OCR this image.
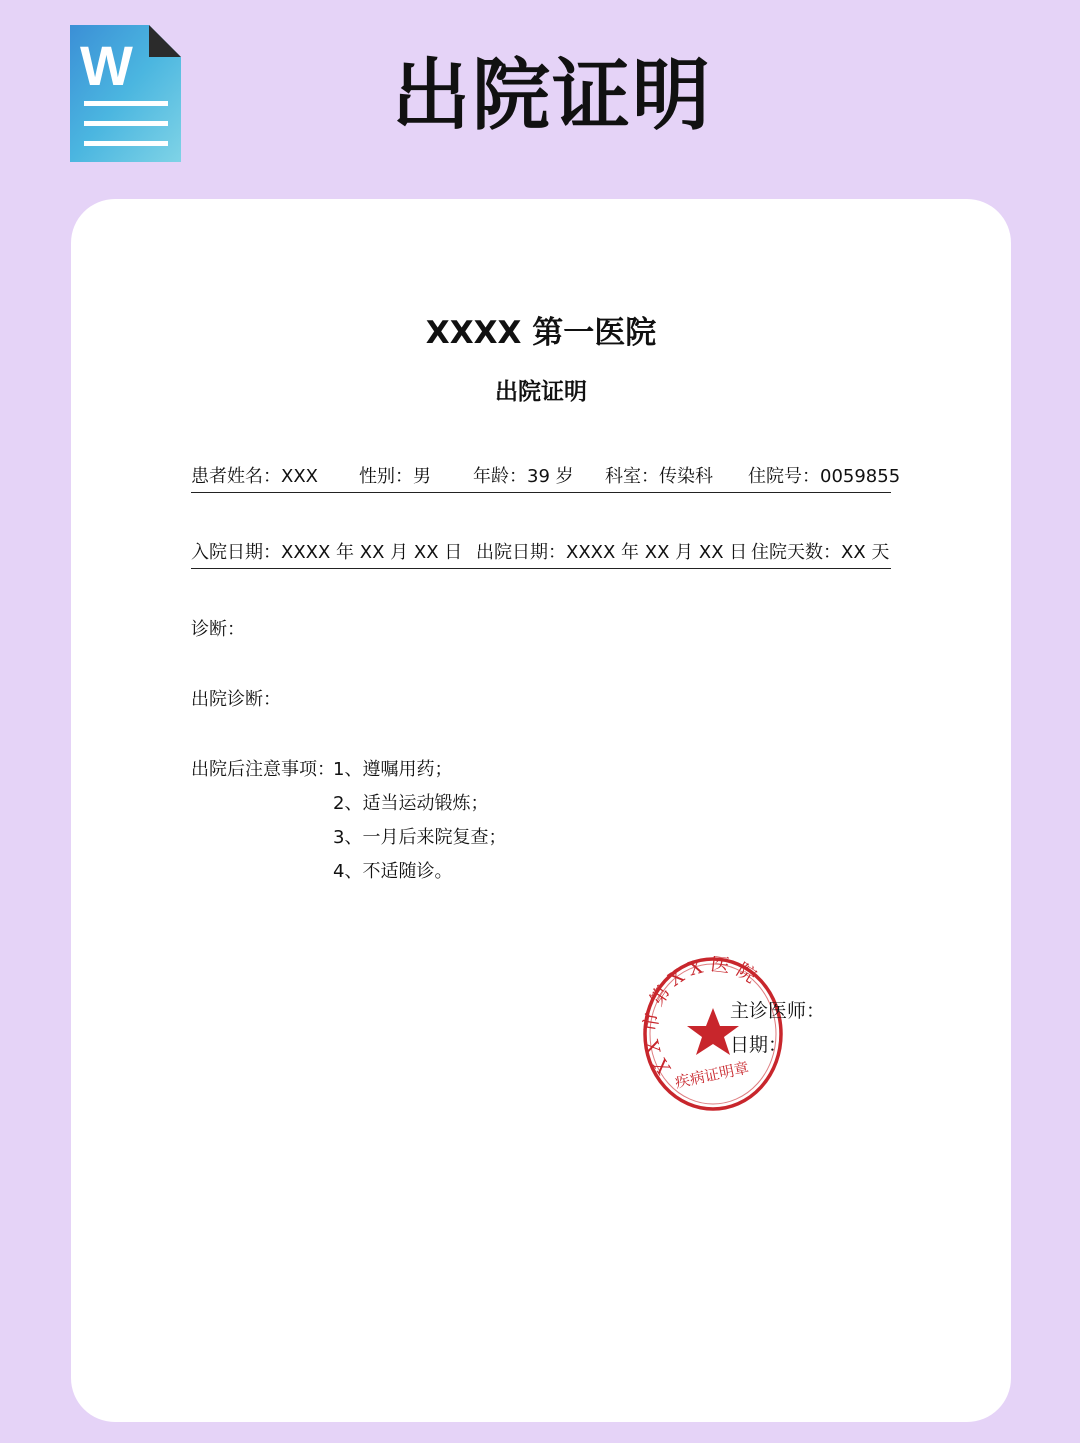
W	出院证明
XXXX 第一医院
出院证明
患者姓名：XXX 性别：男 年龄：39 岁 科室：传染科 住院号：0059855
入院日期：XXXX 年 XX 月 XX 日 出院日期：XXXX 年 XX 月 XX 日 住院天数：XX 天
诊断：
出院诊断：
出院后注意事项：
1、遵嘱用药；
2、适当运动锻炼；
3、一月后来院复查；
4、不适随诊。
XX 第XX医院
疾病证明章
主诊医师：
日期：
